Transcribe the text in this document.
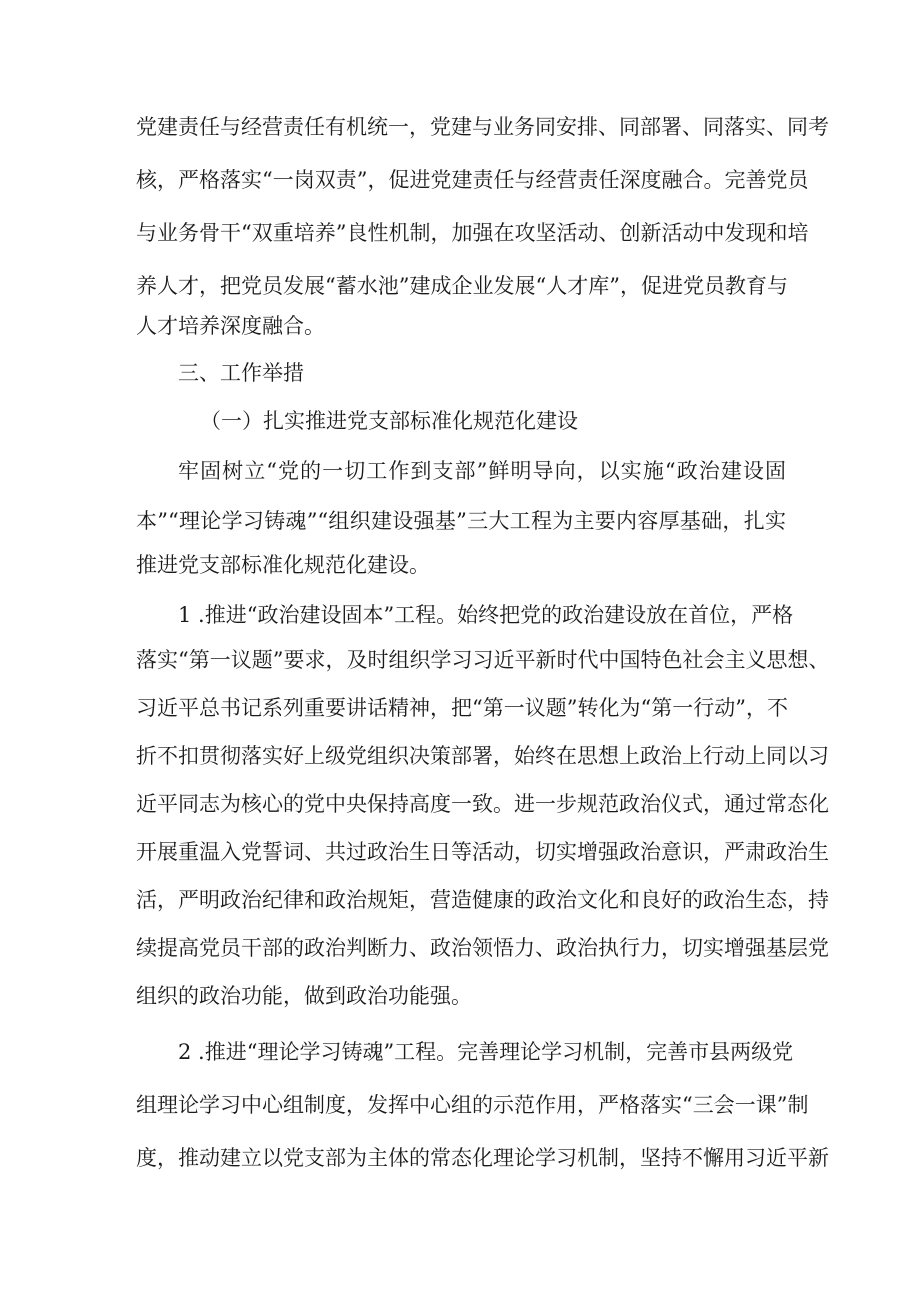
党建责任与经营责任有机统一，党建与业务同安排、同部署、同落实、同考
核，严格落实“一岗双责”，促进党建责任与经营责任深度融合。完善党员
与业务骨干“双重培养”良性机制，加强在攻坚活动、创新活动中发现和培
养人才，把党员发展“蓄水池”建成企业发展“人才库”，促进党员教育与
人才培养深度融合。
三、工作举措
（一）扎实推进党支部标准化规范化建设
牢固树立“党的一切工作到支部”鲜明导向，以实施“政治建设固
本”“理论学习铸魂”“组织建设强基”三大工程为主要内容厚基础，扎实
推进党支部标准化规范化建设。
1 .推进“政治建设固本”工程。始终把党的政治建设放在首位，严格
落实“第一议题”要求，及时组织学习习近平新时代中国特色社会主义思想、
习近平总书记系列重要讲话精神，把“第一议题”转化为“第一行动”，不
折不扣贯彻落实好上级党组织决策部署，始终在思想上政治上行动上同以习
近平同志为核心的党中央保持高度一致。进一步规范政治仪式，通过常态化
开展重温入党誓词、共过政治生日等活动，切实增强政治意识，严肃政治生
活，严明政治纪律和政治规矩，营造健康的政治文化和良好的政治生态，持
续提高党员干部的政治判断力、政治领悟力、政治执行力，切实增强基层党
组织的政治功能，做到政治功能强。
2 .推进“理论学习铸魂”工程。完善理论学习机制，完善市县两级党
组理论学习中心组制度，发挥中心组的示范作用，严格落实“三会一课”制
度，推动建立以党支部为主体的常态化理论学习机制，坚持不懈用习近平新
